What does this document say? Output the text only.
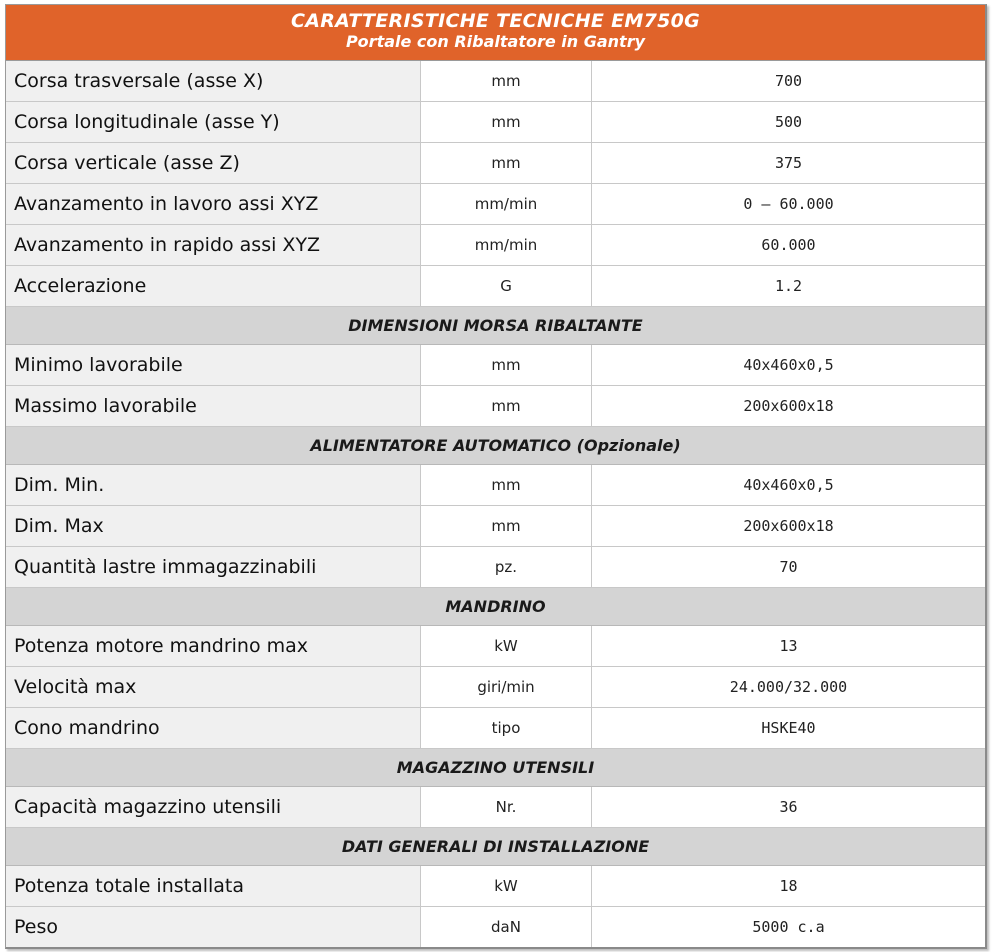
CARATTERISTICHE TECNICHE EM750G
Portale con Ribaltatore in Gantry
Corsa trasversale (asse X)	mm	700
Corsa longitudinale (asse Y)	mm	500
Corsa verticale (asse Z)	mm	375
Avanzamento in lavoro assi XYZ	mm/min	0 – 60.000
Avanzamento in rapido assi XYZ	mm/min	60.000
Accelerazione	G	1.2
DIMENSIONI MORSA RIBALTANTE		
Minimo lavorabile	mm	40x460x0,5
Massimo lavorabile	mm	200x600x18
ALIMENTATORE AUTOMATICO (Opzionale)		
Dim. Min.	mm	40x460x0,5
Dim. Max	mm	200x600x18
Quantità lastre immagazzinabili	pz.	70
MANDRINO		
Potenza motore mandrino max	kW	13
Velocità max	giri/min	24.000/32.000
Cono mandrino	tipo	HSKE40
MAGAZZINO UTENSILI		
Capacità magazzino utensili	Nr.	36
DATI GENERALI DI INSTALLAZIONE		
Potenza totale installata	kW	18
Peso	daN	5000 c.a
